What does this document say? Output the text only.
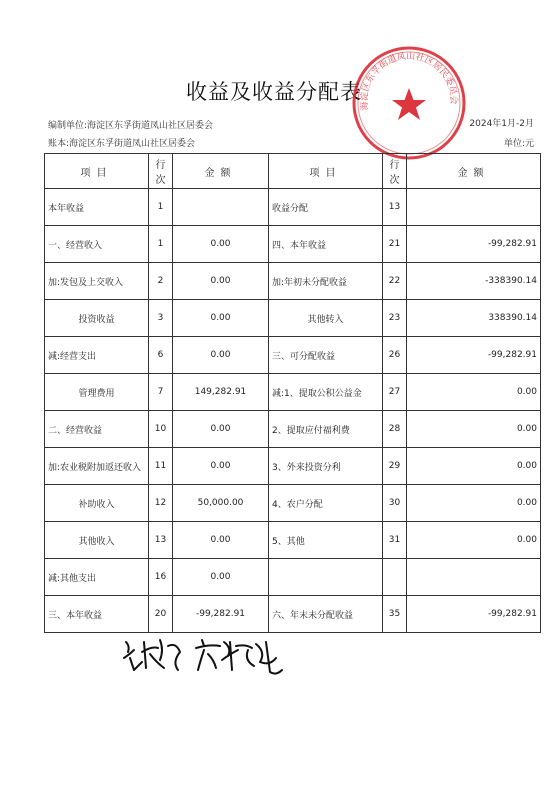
收益及收益分配表
海淀区东孚街道凤山社区居民委员会
编制单位:海淀区东孚街道凤山社区居委会	2024年1月-2月
账本:海淀区东孚街道凤山社区居委会	单位:元
项目	行次	金额	项目	行次	金额
本年收益	1		收益分配	13	
一、经营收入	1	0.00	四、本年收益	21	-99,282.91
加:发包及上交收入	2	0.00	加:年初未分配收益	22	-338390.14
投资收益	3	0.00	其他转入	23	338390.14
减:经营支出	6	0.00	三、可分配收益	26	-99,282.91
管理费用	7	149,282.91	减:1、提取公积公益金	27	0.00
二、经营收益	10	0.00	2、提取应付福利费	28	0.00
加:农业税附加返还收入	11	0.00	3、外来投资分利	29	0.00
补助收入	12	50,000.00	4、农户分配	30	0.00
其他收入	13	0.00	5、其他	31	0.00
减:其他支出	16	0.00			
三、本年收益	20	-99,282.91	六、年末未分配收益	35	-99,282.91
